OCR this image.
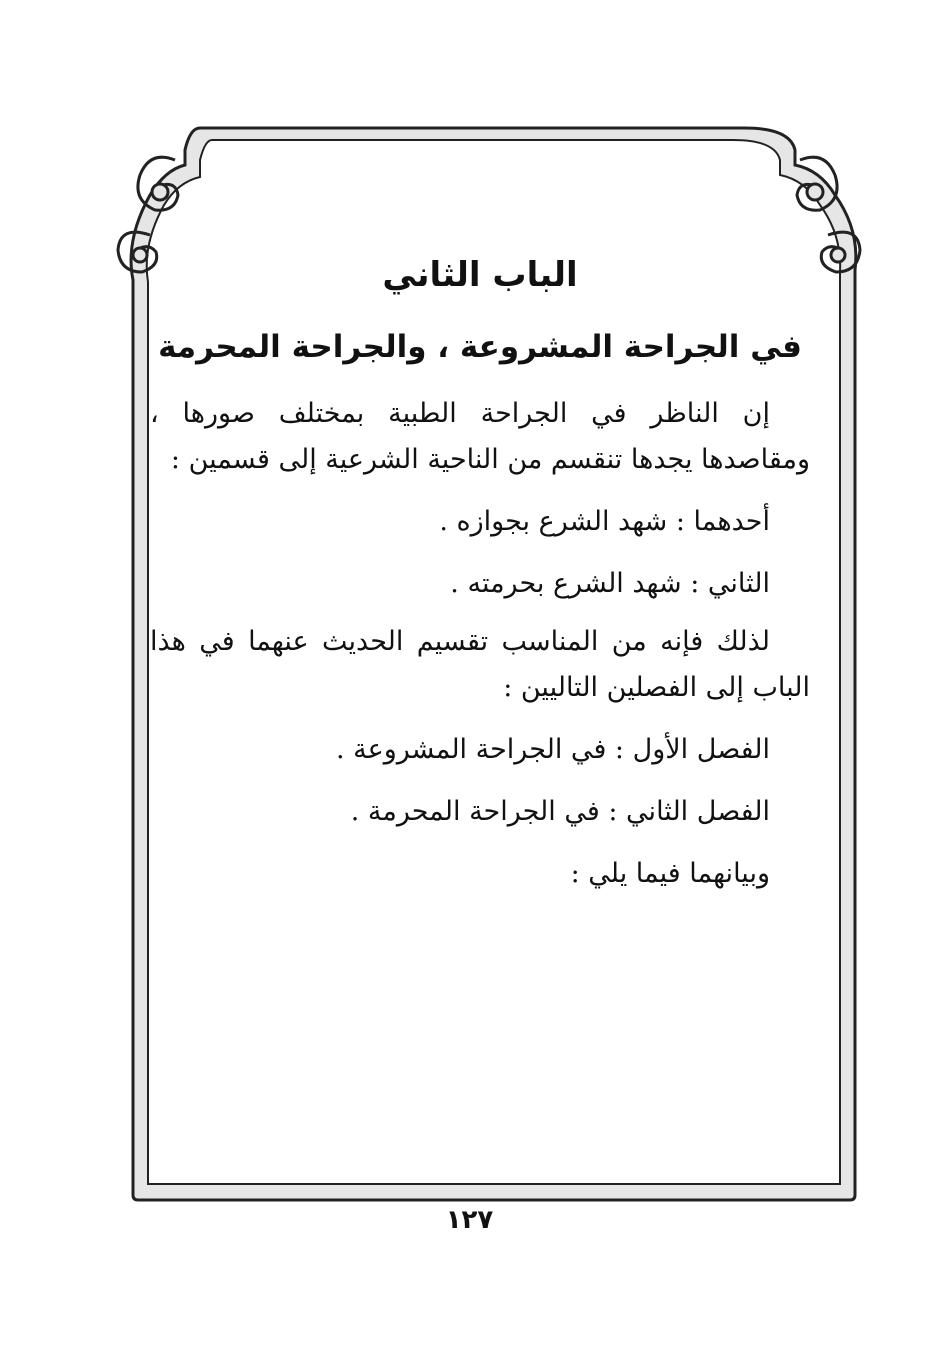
الباب الثاني
في الجراحة المشروعة ، والجراحة المحرمة

إن الناظر في الجراحة الطبية بمختلف صورها ، ومقاصدها يجدها تنقسم من الناحية الشرعية إلى قسمين :

أحدهما : شهد الشرع بجوازه .

الثاني : شهد الشرع بحرمته .

لذلك فإنه من المناسب تقسيم الحديث عنهما في هذا الباب إلى الفصلين التاليين :

الفصل الأول : في الجراحة المشروعة .

الفصل الثاني : في الجراحة المحرمة .

وبيانهما فيما يلي :

١٢٧
